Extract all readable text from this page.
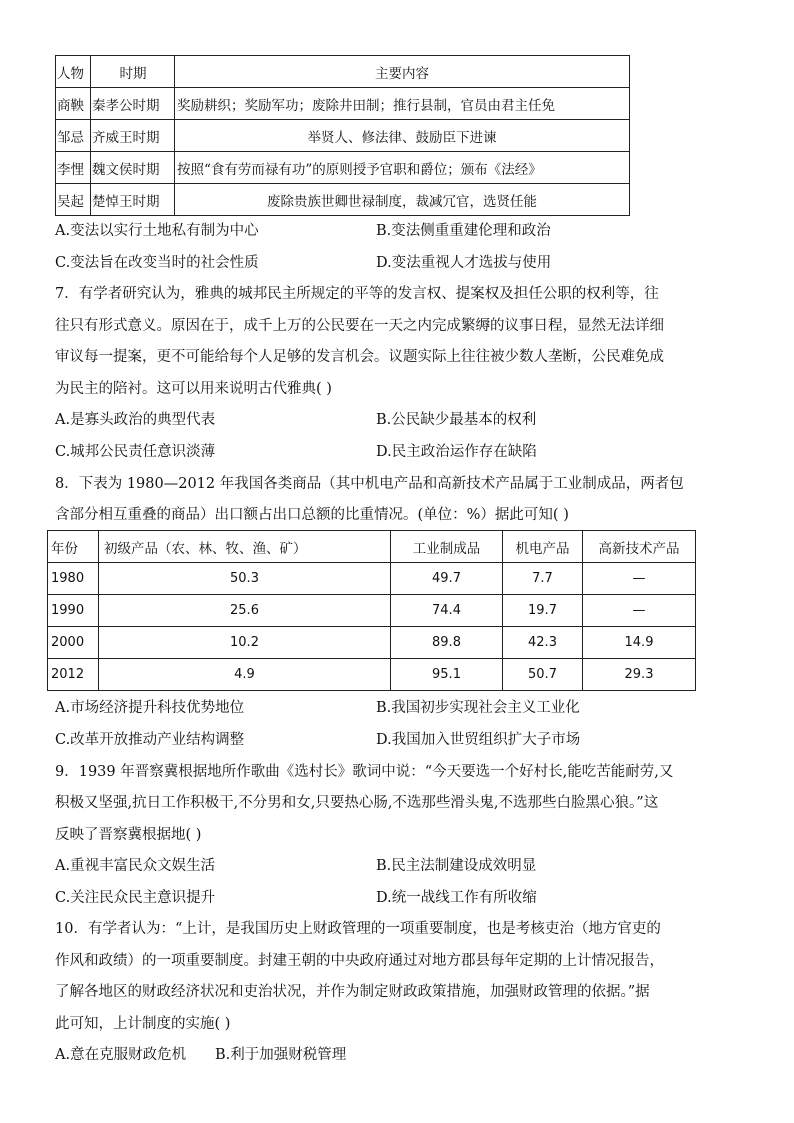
人物	时期	主要内容
商鞅	秦孝公时期	奖励耕织；奖励军功；废除井田制；推行县制，官员由君主任免
邹忌	齐威王时期	举贤人、修法律、鼓励臣下进谏
李悝	魏文侯时期	按照“食有劳而禄有功”的原则授予官职和爵位；颁布《法经》
吴起	楚悼王时期	废除贵族世卿世禄制度，裁减冗官，选贤任能
A.变法以实行土地私有制为中心	B.变法侧重重建伦理和政治
C.变法旨在改变当时的社会性质	D.变法重视人才选拔与使用
7．有学者研究认为，雅典的城邦民主所规定的平等的发言权、提案权及担任公职的权利等，往
往只有形式意义。原因在于，成千上万的公民要在一天之内完成繁缛的议事日程，显然无法详细
审议每一提案，更不可能给每个人足够的发言机会。议题实际上往往被少数人垄断，公民难免成
为民主的陪衬。这可以用来说明古代雅典( )
A.是寡头政治的典型代表	B.公民缺少最基本的权利
C.城邦公民责任意识淡薄	D.民主政治运作存在缺陷
8．下表为 1980—2012 年我国各类商品（其中机电产品和高新技术产品属于工业制成品，两者包
含部分相互重叠的商品）出口额占出口总额的比重情况。(单位：%）据此可知( )
年份	初级产品（农、林、牧、渔、矿）	工业制成品	机电产品	高新技术产品
1980	50.3	49.7	7.7	—
1990	25.6	74.4	19.7	—
2000	10.2	89.8	42.3	14.9
2012	4.9	95.1	50.7	29.3
A.市场经济提升科技优势地位	B.我国初步实现社会主义工业化
C.改革开放推动产业结构调整	D.我国加入世贸组织扩大子市场
9．1939 年晋察冀根据地所作歌曲《选村长》歌词中说：“今天要选一个好村长,能吃苦能耐劳,又
积极又坚强,抗日工作积极干,不分男和女,只要热心肠,不选那些滑头鬼,不选那些白脸黑心狼。”这
反映了晋察冀根据地( )
A.重视丰富民众文娱生活	B.民主法制建设成效明显
C.关注民众民主意识提升	D.统一战线工作有所收缩
10．有学者认为：“上计，是我国历史上财政管理的一项重要制度，也是考核吏治（地方官吏的
作风和政绩）的一项重要制度。封建王朝的中央政府通过对地方郡县每年定期的上计情况报告，
了解各地区的财政经济状况和吏治状况，并作为制定财政政策措施，加强财政管理的依据。”据
此可知，上计制度的实施( )
A.意在克服财政危机 B.利于加强财税管理
